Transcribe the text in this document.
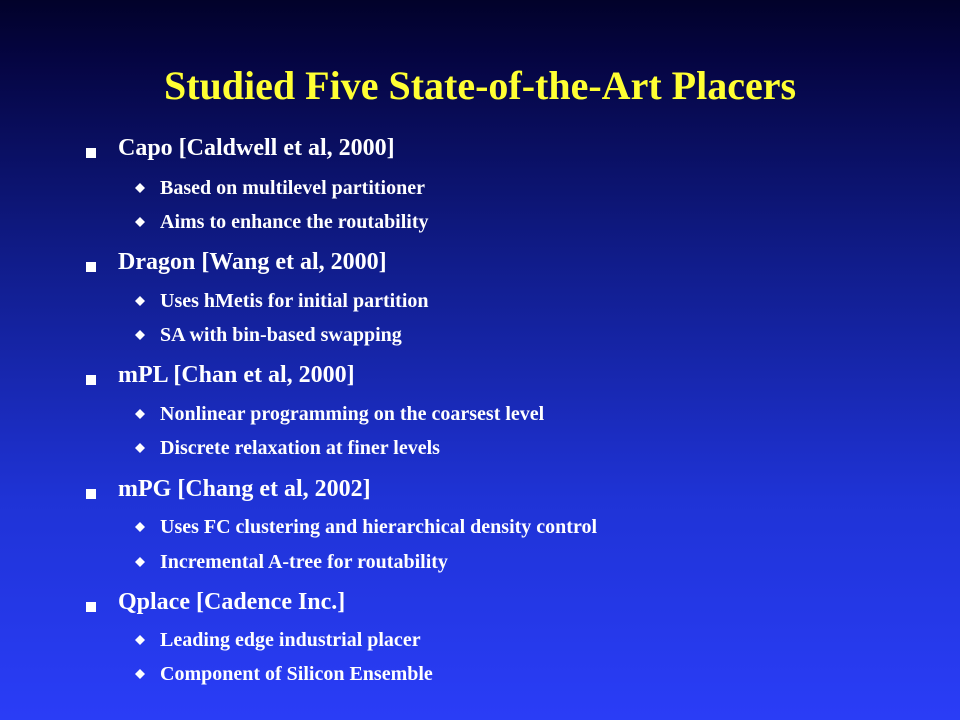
Studied Five State-of-the-Art Placers
Capo [Caldwell et al, 2000]
Based on multilevel partitioner
Aims to enhance the routability
Dragon [Wang et al, 2000]
Uses hMetis for initial partition
SA with bin-based swapping
mPL [Chan et al, 2000]
Nonlinear programming on the coarsest level
Discrete relaxation at finer levels
mPG [Chang et al, 2002]
Uses FC clustering and hierarchical density control
Incremental A-tree for routability
Qplace [Cadence Inc.]
Leading edge industrial placer
Component of Silicon Ensemble
